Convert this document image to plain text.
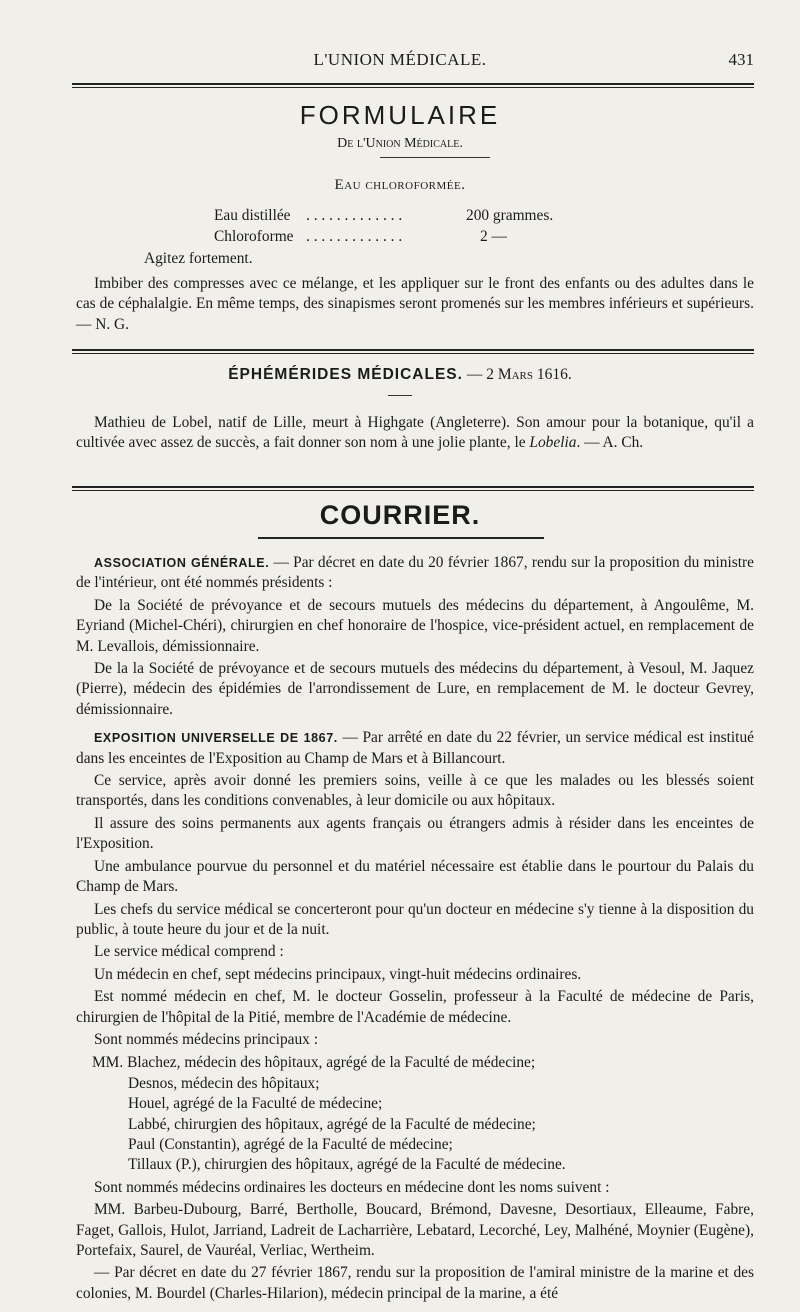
L'UNION MÉDICALE.	431
FORMULAIRE
De l'Union Médicale.
Eau chloroformée.
Eau distillée . . . . . . . . . . . . .	200 grammes.
Chloroforme . . . . . . . . . . . . .	2 —
Agitez fortement.
Imbiber des compresses avec ce mélange, et les appliquer sur le front des enfants ou des adultes dans le cas de céphalalgie. En même temps, des sinapismes seront promenés sur les membres inférieurs et supérieurs. — N. G.
ÉPHÉMÉRIDES MÉDICALES. — 2 Mars 1616.
Mathieu de Lobel, natif de Lille, meurt à Highgate (Angleterre). Son amour pour la botanique, qu'il a cultivée avec assez de succès, a fait donner son nom à une jolie plante, le Lobelia. — A. Ch.
COURRIER.

ASSOCIATION GÉNÉRALE. — Par décret en date du 20 février 1867, rendu sur la proposition du ministre de l'intérieur, ont été nommés présidents :

De la Société de prévoyance et de secours mutuels des médecins du département, à Angoulême, M. Eyriand (Michel-Chéri), chirurgien en chef honoraire de l'hospice, vice-président actuel, en remplacement de M. Levallois, démissionnaire.

De la la Société de prévoyance et de secours mutuels des médecins du département, à Vesoul, M. Jaquez (Pierre), médecin des épidémies de l'arrondissement de Lure, en remplacement de M. le docteur Gevrey, démissionnaire.

EXPOSITION UNIVERSELLE DE 1867. — Par arrêté en date du 22 février, un service médical est institué dans les enceintes de l'Exposition au Champ de Mars et à Billancourt.

Ce service, après avoir donné les premiers soins, veille à ce que les malades ou les blessés soient transportés, dans les conditions convenables, à leur domicile ou aux hôpitaux.

Il assure des soins permanents aux agents français ou étrangers admis à résider dans les enceintes de l'Exposition.

Une ambulance pourvue du personnel et du matériel nécessaire est établie dans le pourtour du Palais du Champ de Mars.

Les chefs du service médical se concerteront pour qu'un docteur en médecine s'y tienne à la disposition du public, à toute heure du jour et de la nuit.

Le service médical comprend :

Un médecin en chef, sept médecins principaux, vingt-huit médecins ordinaires.

Est nommé médecin en chef, M. le docteur Gosselin, professeur à la Faculté de médecine de Paris, chirurgien de l'hôpital de la Pitié, membre de l'Académie de médecine.

Sont nommés médecins principaux :

MM. Blachez, médecin des hôpitaux, agrégé de la Faculté de médecine;
Desnos, médecin des hôpitaux;
Houel, agrégé de la Faculté de médecine;
Labbé, chirurgien des hôpitaux, agrégé de la Faculté de médecine;
Paul (Constantin), agrégé de la Faculté de médecine;
Tillaux (P.), chirurgien des hôpitaux, agrégé de la Faculté de médecine.

Sont nommés médecins ordinaires les docteurs en médecine dont les noms suivent :

MM. Barbeu-Dubourg, Barré, Bertholle, Boucard, Brémond, Davesne, Desortiaux, Elleaume, Fabre, Faget, Gallois, Hulot, Jarriand, Ladreit de Lacharrière, Lebatard, Lecorché, Ley, Malhéné, Moynier (Eugène), Portefaix, Saurel, de Vauréal, Verliac, Wertheim.

— Par décret en date du 27 février 1867, rendu sur la proposition de l'amiral ministre de la marine et des colonies, M. Bourdel (Charles-Hilarion), médecin principal de la marine, a été
